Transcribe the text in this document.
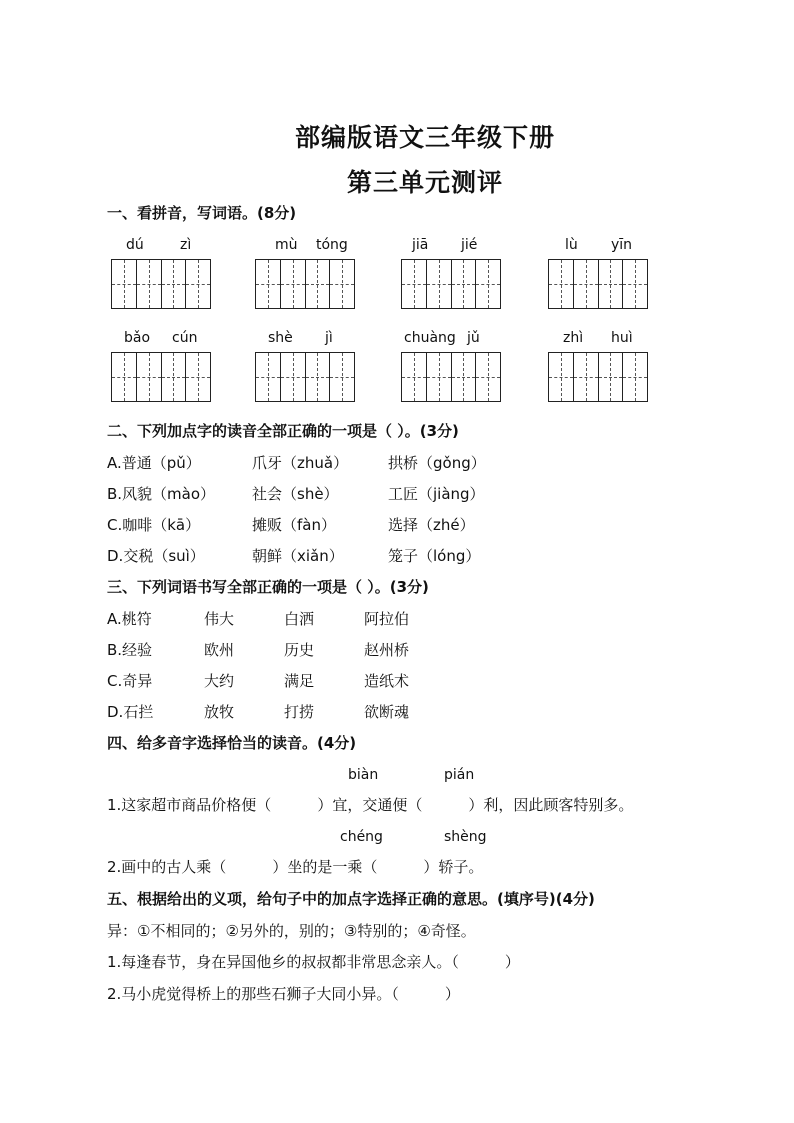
部编版语文三年级下册
第三单元测评
一、看拼音，写词语。(8分)
dú	zì	mù tóng	jiā jié	lù yīn
bǎo cún	shè jì	chuàng jǔ	zhì huì
二、下列加点字的读音全部正确的一项是（ ）。(3分)
A.普通（pǔ）	爪牙（zhuǎ）	拱桥（gǒng）
B.风貌（mào） 社会（shè）	工匠（jiàng）
C.咖啡（kā）	摊贩（fàn）	选择（zhé）
D.交税（suì）	朝鲜（xiǎn）	笼子（lóng）
三、下列词语书写全部正确的一项是（ ）。(3分)
A.桃符	伟大	白洒	阿拉伯
B.经验	欧州	历史	赵州桥
C.奇异	大约	满足	造纸术
D.石拦	放牧	打捞	欲断魂
四、给多音字选择恰当的读音。(4分)
biàn	pián
1.这家超市商品价格便（	）宜，交通便（	）利，因此顾客特别多。
chéng	shèng
2.画中的古人乘（	）坐的是一乘（	）轿子。
五、根据给出的义项，给句子中的加点字选择正确的意思。(填序号)(4分)
异：①不相同的；②另外的，别的；③特别的；④奇怪。
1.每逢春节，身在异国他乡的叔叔都非常思念亲人。（	）
2.马小虎觉得桥上的那些石狮子大同小异。（	）
